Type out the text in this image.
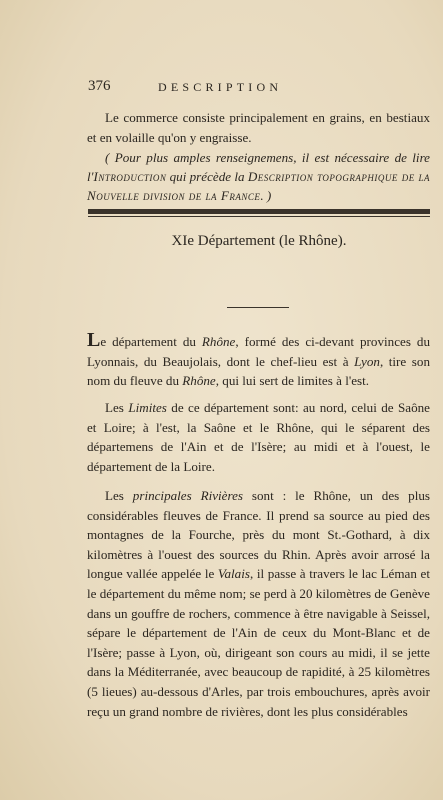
376	DESCRIPTION

Le commerce consiste principalement en grains, en bestiaux et en volaille qu'on y engraisse.

( Pour plus amples renseignemens, il est nécessaire de lire l'Introduction qui précède la Description topographique de la Nouvelle division de la France. )

XIe Département (le Rhône).

Le département du Rhône, formé des ci-devant provinces du Lyonnais, du Beaujolais, dont le chef-lieu est à Lyon, tire son nom du fleuve du Rhône, qui lui sert de limites à l'est.

Les Limites de ce département sont: au nord, celui de Saône et Loire; à l'est, la Saône et le Rhône, qui le séparent des départemens de l'Ain et de l'Isère; au midi et à l'ouest, le département de la Loire.

Les principales Rivières sont : le Rhône, un des plus considérables fleuves de France. Il prend sa source au pied des montagnes de la Fourche, près du mont St.-Gothard, à dix kilomètres à l'ouest des sources du Rhin. Après avoir arrosé la longue vallée appelée le Valais, il passe à travers le lac Léman et le département du même nom; se perd à 20 kilomètres de Genève dans un gouffre de rochers, commence à être navigable à Seissel, sépare le département de l'Ain de ceux du Mont-Blanc et de l'Isère; passe à Lyon, où, dirigeant son cours au midi, il se jette dans la Méditerranée, avec beaucoup de rapidité, à 25 kilomètres (5 lieues) au-dessous d'Arles, par trois embouchures, après avoir reçu un grand nombre de rivières, dont les plus considérables
